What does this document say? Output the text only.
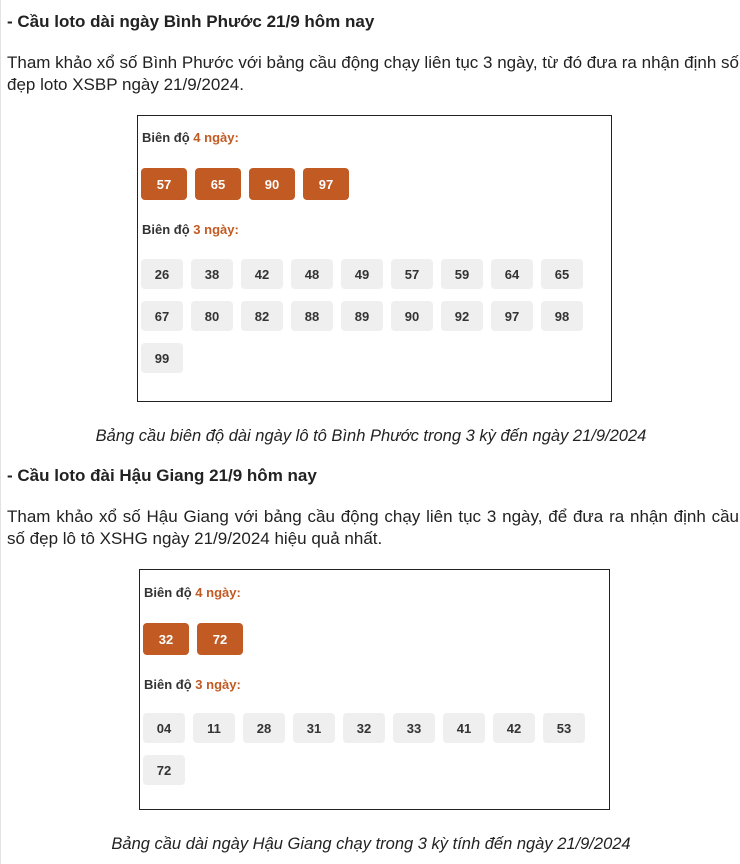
- Cầu loto dài ngày Bình Phước 21/9 hôm nay

Tham khảo xổ số Bình Phước với bảng cầu động chạy liên tục 3 ngày, từ đó đưa ra nhận định số đẹp loto XSBP ngày 21/9/2024.

Biên độ 4 ngày:
57	65	90	97
Biên độ 3 ngày:
26	38	42	48	49	57	59	64	65
67	80	82	88	89	90	92	97	98
99

Bảng cầu biên độ dài ngày lô tô Bình Phước trong 3 kỳ đến ngày 21/9/2024

- Cầu loto đài Hậu Giang 21/9 hôm nay

Tham khảo xổ số Hậu Giang với bảng cầu động chạy liên tục 3 ngày, để đưa ra nhận định cầu số đẹp lô tô XSHG ngày 21/9/2024 hiệu quả nhất.

Biên độ 4 ngày:
32	72
Biên độ 3 ngày:
04	11	28	31	32	33	41	42	53
72

Bảng cầu dài ngày Hậu Giang chạy trong 3 kỳ tính đến ngày 21/9/2024
